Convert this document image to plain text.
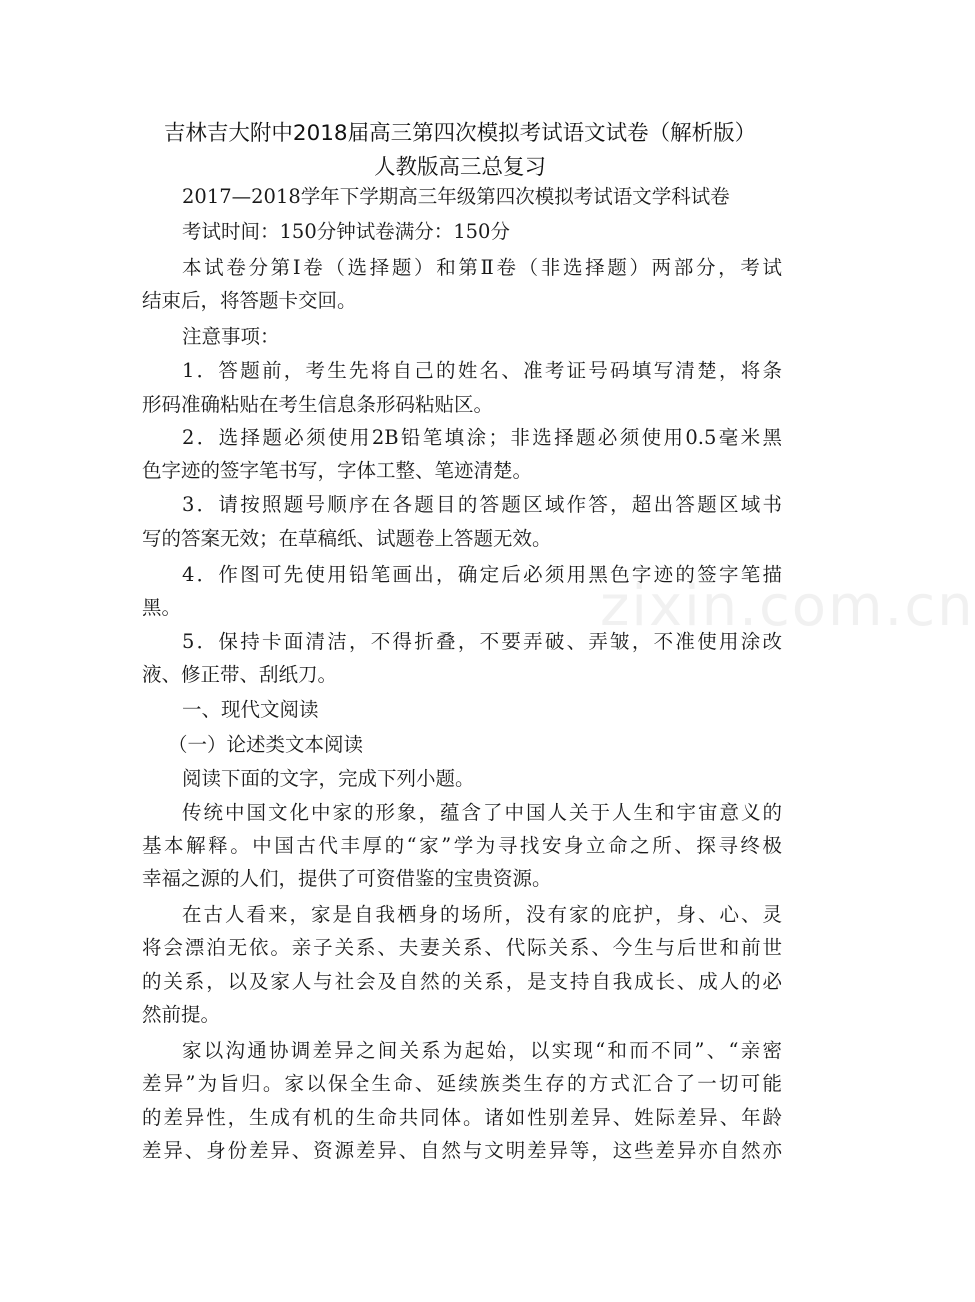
吉林吉大附中2018届高三第四次模拟考试语文试卷（解析版）
人教版高三总复习
2017—2018学年下学期高三年级第四次模拟考试语文学科试卷
考试时间：150分钟试卷满分：150分
本试卷分第Ⅰ卷（选择题）和第Ⅱ卷（非选择题）两部分，考试
结束后，将答题卡交回。
注意事项：
1．答题前，考生先将自己的姓名、准考证号码填写清楚，将条
形码准确粘贴在考生信息条形码粘贴区。
2．选择题必须使用2B铅笔填涂；非选择题必须使用0.5毫米黑
色字迹的签字笔书写，字体工整、笔迹清楚。
3．请按照题号顺序在各题目的答题区域作答，超出答题区域书
写的答案无效；在草稿纸、试题卷上答题无效。
4．作图可先使用铅笔画出，确定后必须用黑色字迹的签字笔描
黑。
5．保持卡面清洁，不得折叠，不要弄破、弄皱，不准使用涂改
液、修正带、刮纸刀。
一、现代文阅读
（一）论述类文本阅读
阅读下面的文字，完成下列小题。
传统中国文化中家的形象，蕴含了中国人关于人生和宇宙意义的
基本解释。中国古代丰厚的“家”学为寻找安身立命之所、探寻终极
幸福之源的人们，提供了可资借鉴的宝贵资源。
在古人看来，家是自我栖身的场所，没有家的庇护，身、心、灵
将会漂泊无依。亲子关系、夫妻关系、代际关系、今生与后世和前世
的关系，以及家人与社会及自然的关系，是支持自我成长、成人的必
然前提。
家以沟通协调差异之间关系为起始，以实现“和而不同”、“亲密
差异”为旨归。家以保全生命、延续族类生存的方式汇合了一切可能
的差异性，生成有机的生命共同体。诸如性别差异、姓际差异、年龄
差异、身份差异、资源差异、自然与文明差异等，这些差异亦自然亦
zixin.com.cn
